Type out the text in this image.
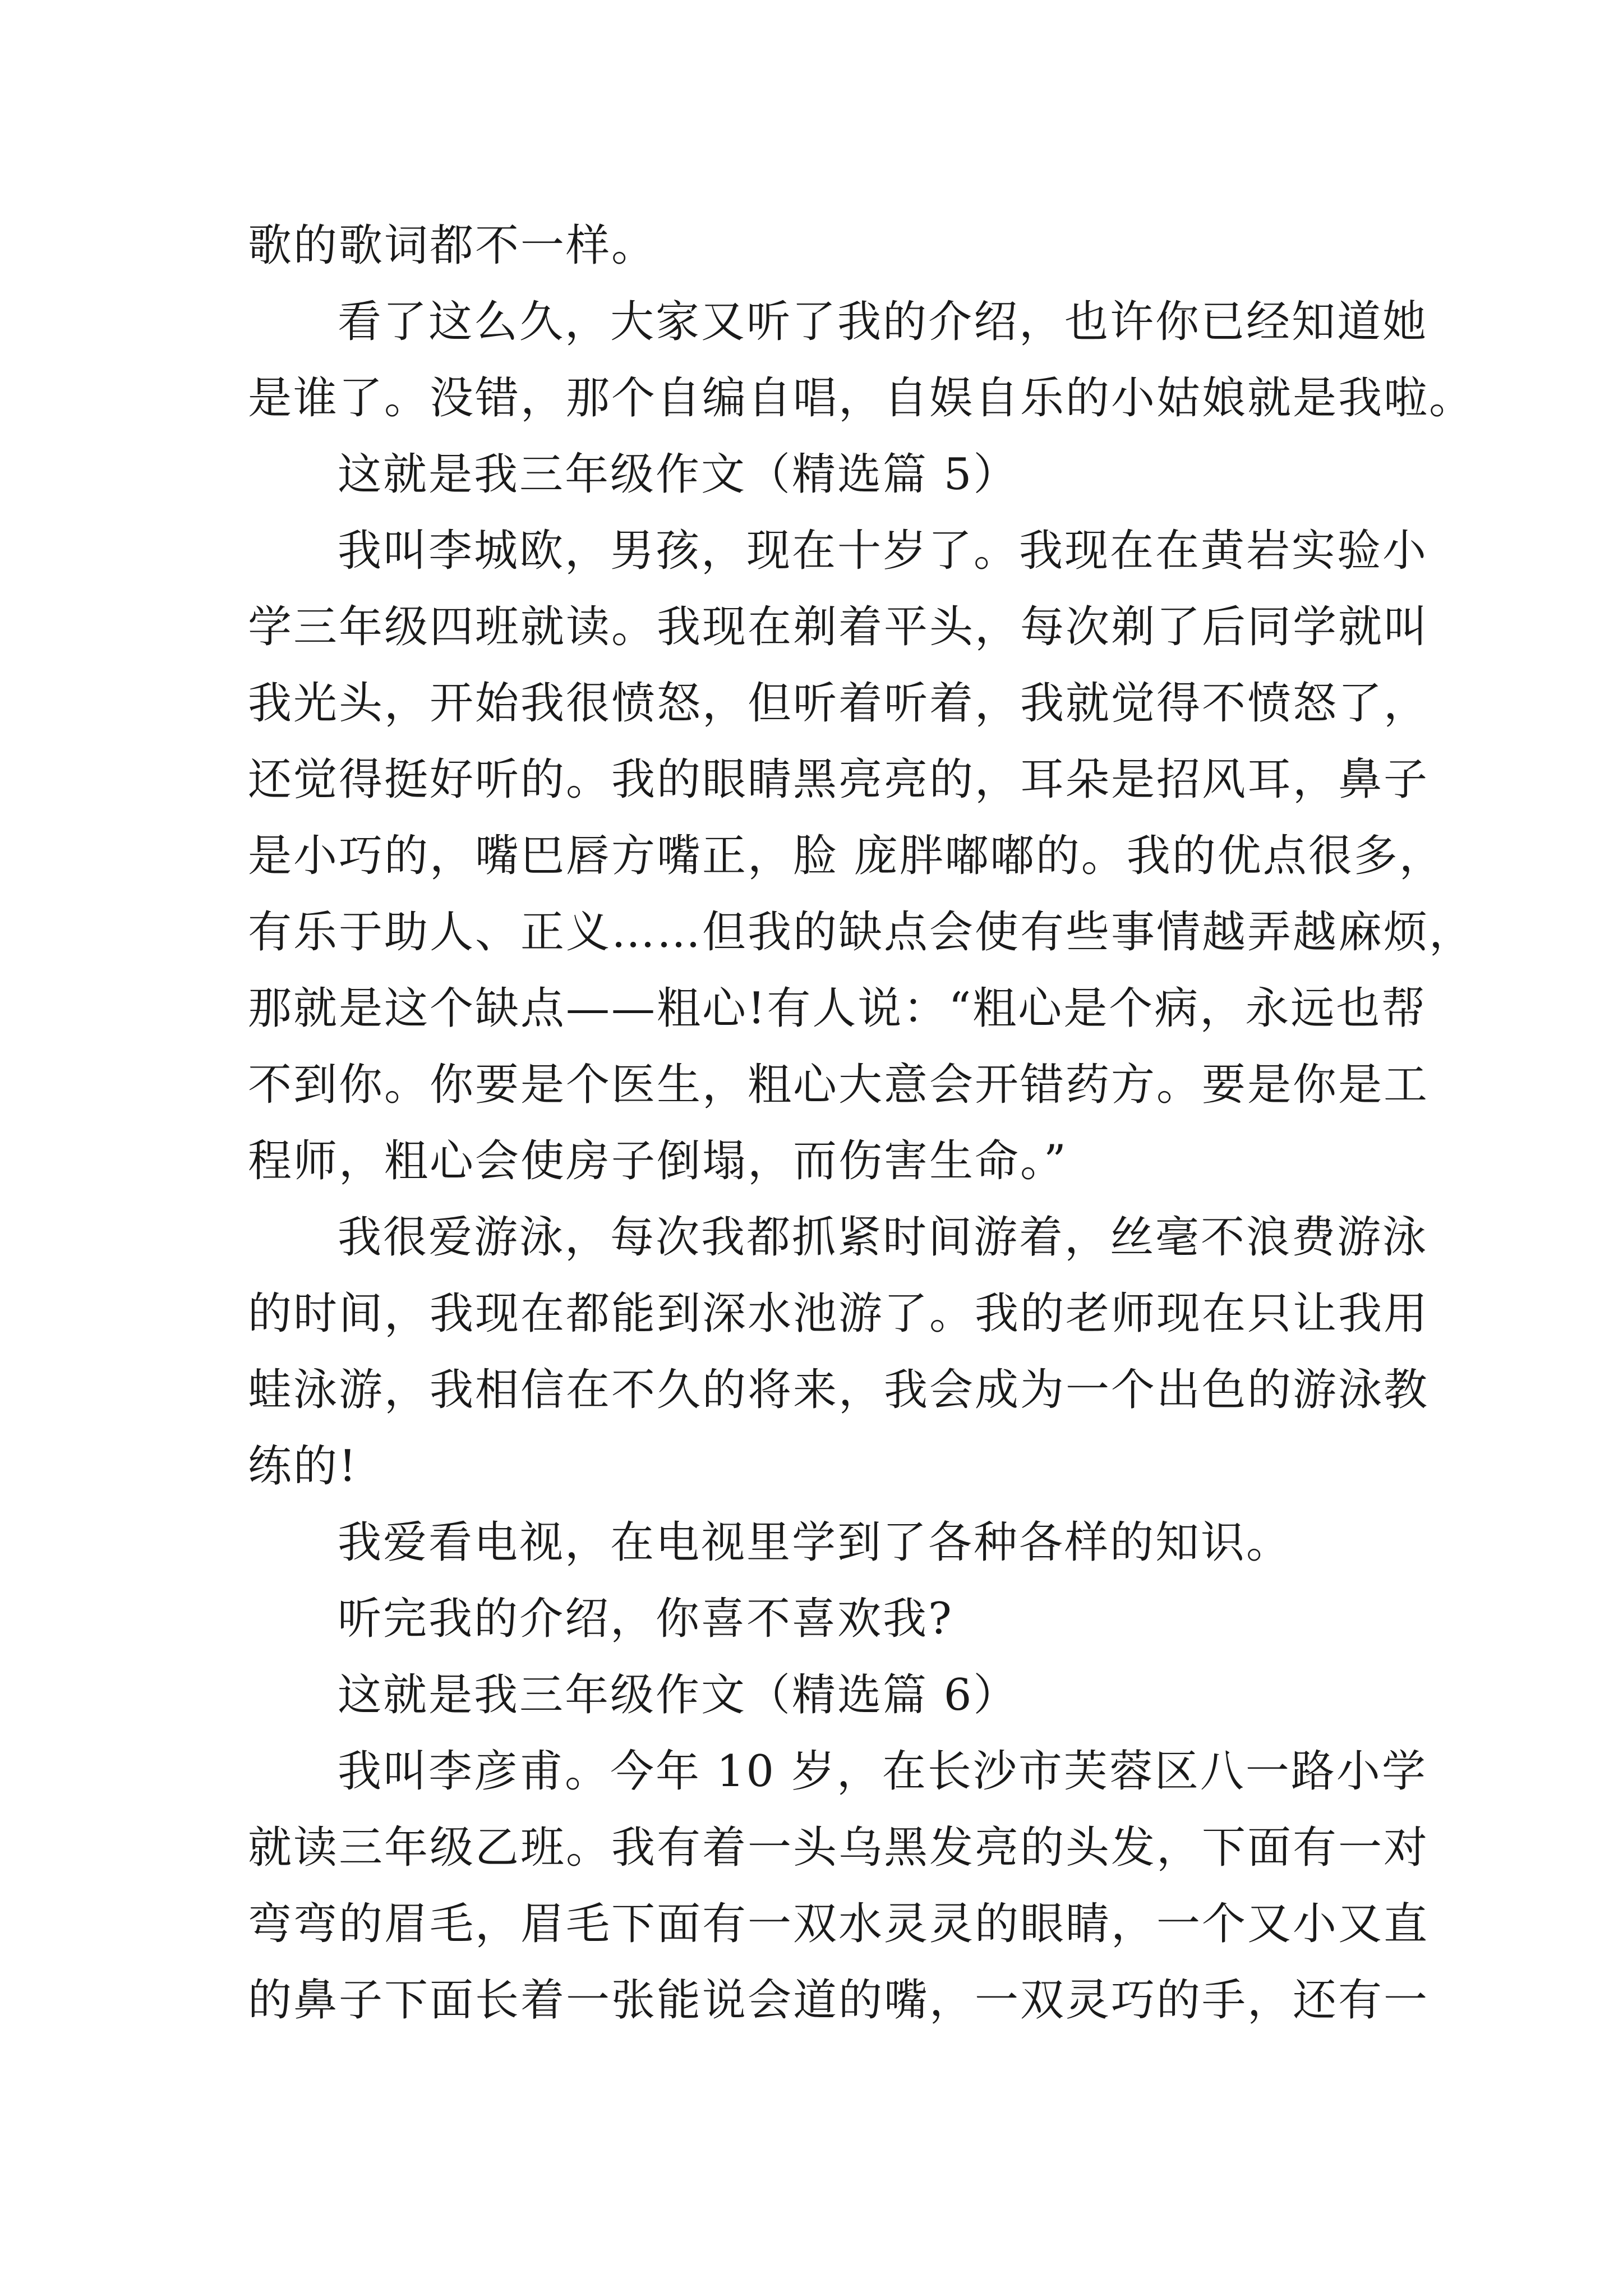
歌的歌词都不一样。
看了这么久，大家又听了我的介绍，也许你已经知道她
是谁了。没错，那个自编自唱，自娱自乐的小姑娘就是我啦。
这就是我三年级作文（精选篇 5）
我叫李城欧，男孩，现在十岁了。我现在在黄岩实验小
学三年级四班就读。我现在剃着平头，每次剃了后同学就叫
我光头，开始我很愤怒，但听着听着，我就觉得不愤怒了，
还觉得挺好听的。我的眼睛黑亮亮的，耳朵是招风耳，鼻子
是小巧的，嘴巴唇方嘴正，脸 庞胖嘟嘟的。我的优点很多，
有乐于助人、正义……但我的缺点会使有些事情越弄越麻烦，
那就是这个缺点——粗心!有人说：“粗心是个病，永远也帮
不到你。你要是个医生，粗心大意会开错药方。要是你是工
程师，粗心会使房子倒塌，而伤害生命。”
我很爱游泳，每次我都抓紧时间游着，丝毫不浪费游泳
的时间，我现在都能到深水池游了。我的老师现在只让我用
蛙泳游，我相信在不久的将来，我会成为一个出色的游泳教
练的!
我爱看电视，在电视里学到了各种各样的知识。
听完我的介绍，你喜不喜欢我?
这就是我三年级作文（精选篇 6）
我叫李彦甫。今年 10 岁，在长沙市芙蓉区八一路小学
就读三年级乙班。我有着一头乌黑发亮的头发，下面有一对
弯弯的眉毛，眉毛下面有一双水灵灵的眼睛，一个又小又直
的鼻子下面长着一张能说会道的嘴，一双灵巧的手，还有一
